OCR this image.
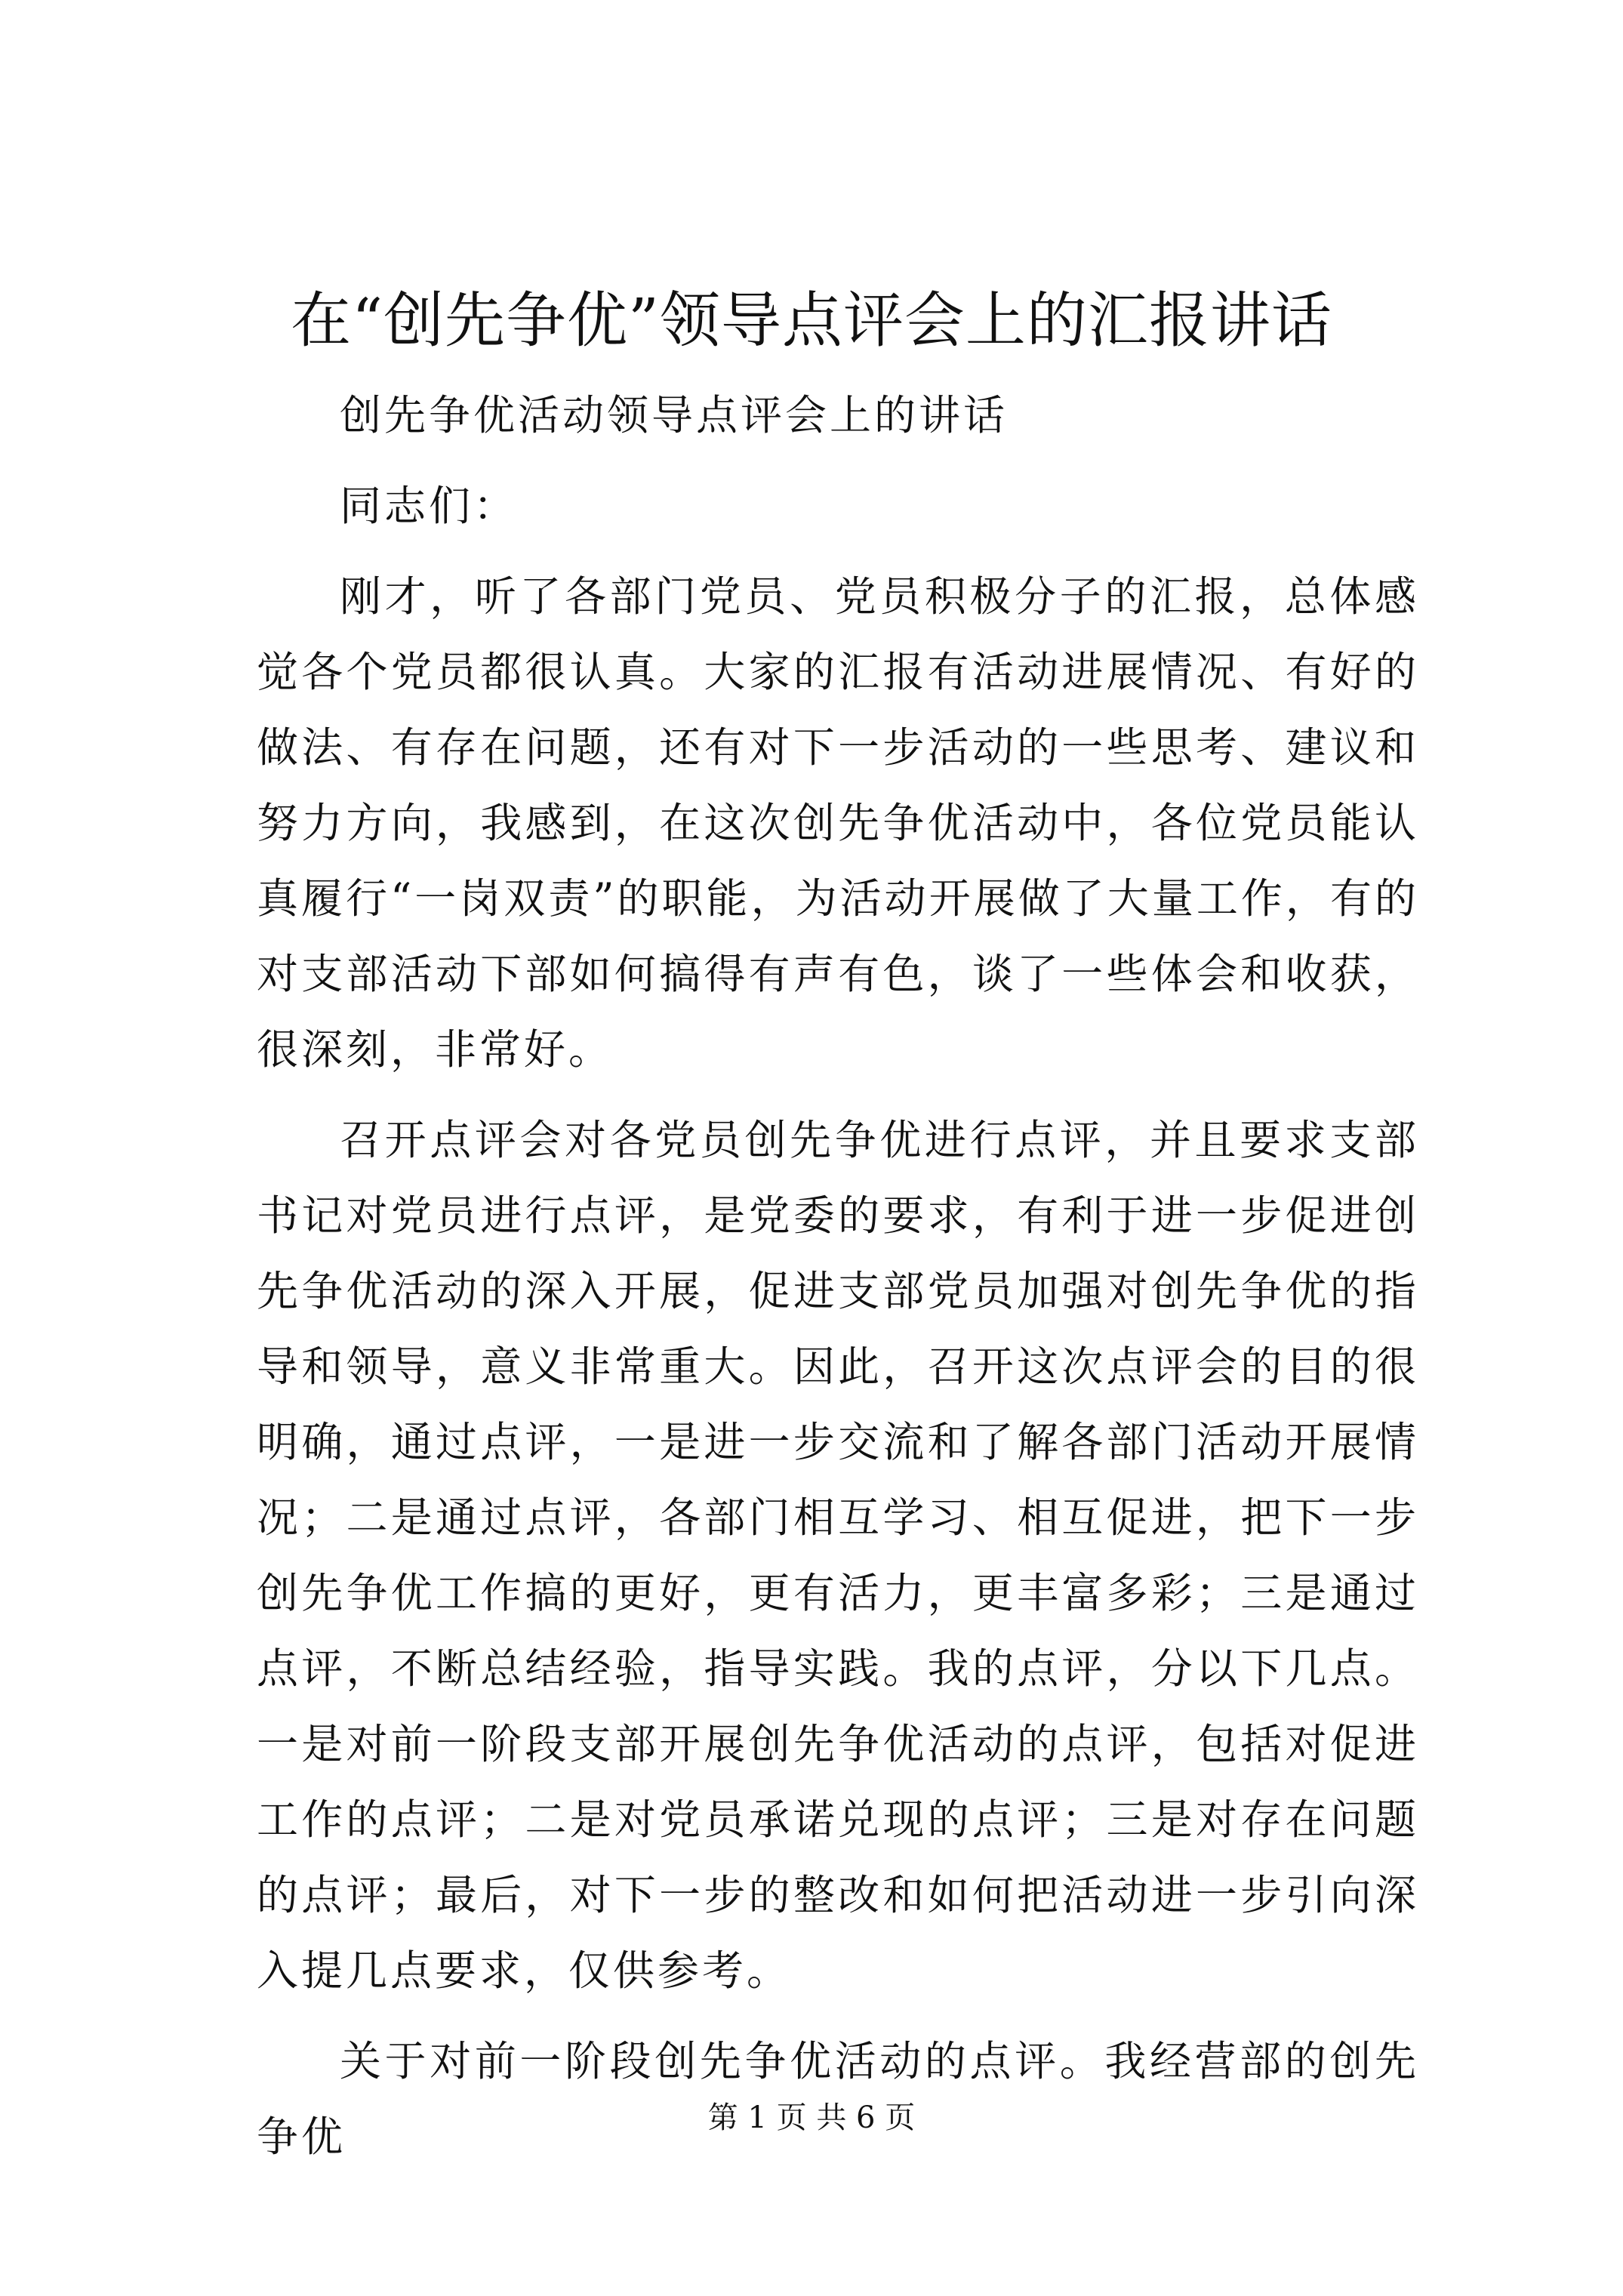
在“创先争优”领导点评会上的汇报讲话

创先争优活动领导点评会上的讲话

同志们：

刚才，听了各部门党员、党员积极分子的汇报，总体感觉各个党员都很认真。大家的汇报有活动进展情况、有好的做法、有存在问题，还有对下一步活动的一些思考、建议和努力方向，我感到，在这次创先争优活动中，各位党员能认真履行“一岗双责”的职能，为活动开展做了大量工作，有的对支部活动下部如何搞得有声有色，谈了一些体会和收获，很深刻，非常好。

召开点评会对各党员创先争优进行点评，并且要求支部书记对党员进行点评，是党委的要求，有利于进一步促进创先争优活动的深入开展，促进支部党员加强对创先争优的指导和领导，意义非常重大。因此，召开这次点评会的目的很明确，通过点评，一是进一步交流和了解各部门活动开展情况；二是通过点评，各部门相互学习、相互促进，把下一步创先争优工作搞的更好，更有活力，更丰富多彩；三是通过点评，不断总结经验，指导实践。我的点评，分以下几点。一是对前一阶段支部开展创先争优活动的点评，包括对促进工作的点评；二是对党员承诺兑现的点评；三是对存在问题的点评；最后，对下一步的整改和如何把活动进一步引向深入提几点要求，仅供参考。

关于对前一阶段创先争优活动的点评。我经营部的创先争优	第 1 页 共 6 页
